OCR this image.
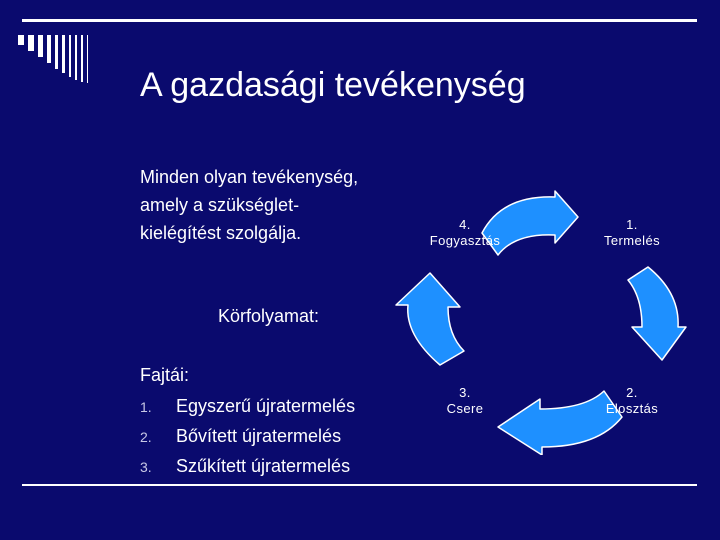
A gazdasági tevékenység
Minden olyan tevékenység, amely a szükséglet-kielégítést szolgálja.
Körfolyamat:
Fajtái:
1.	Egyszerű újratermelés
2.	Bővített újratermelés
3.	Szűkített újratermelés
4.
Fogyasztás
1.
Termelés
3.
Csere
2.
Elosztás
